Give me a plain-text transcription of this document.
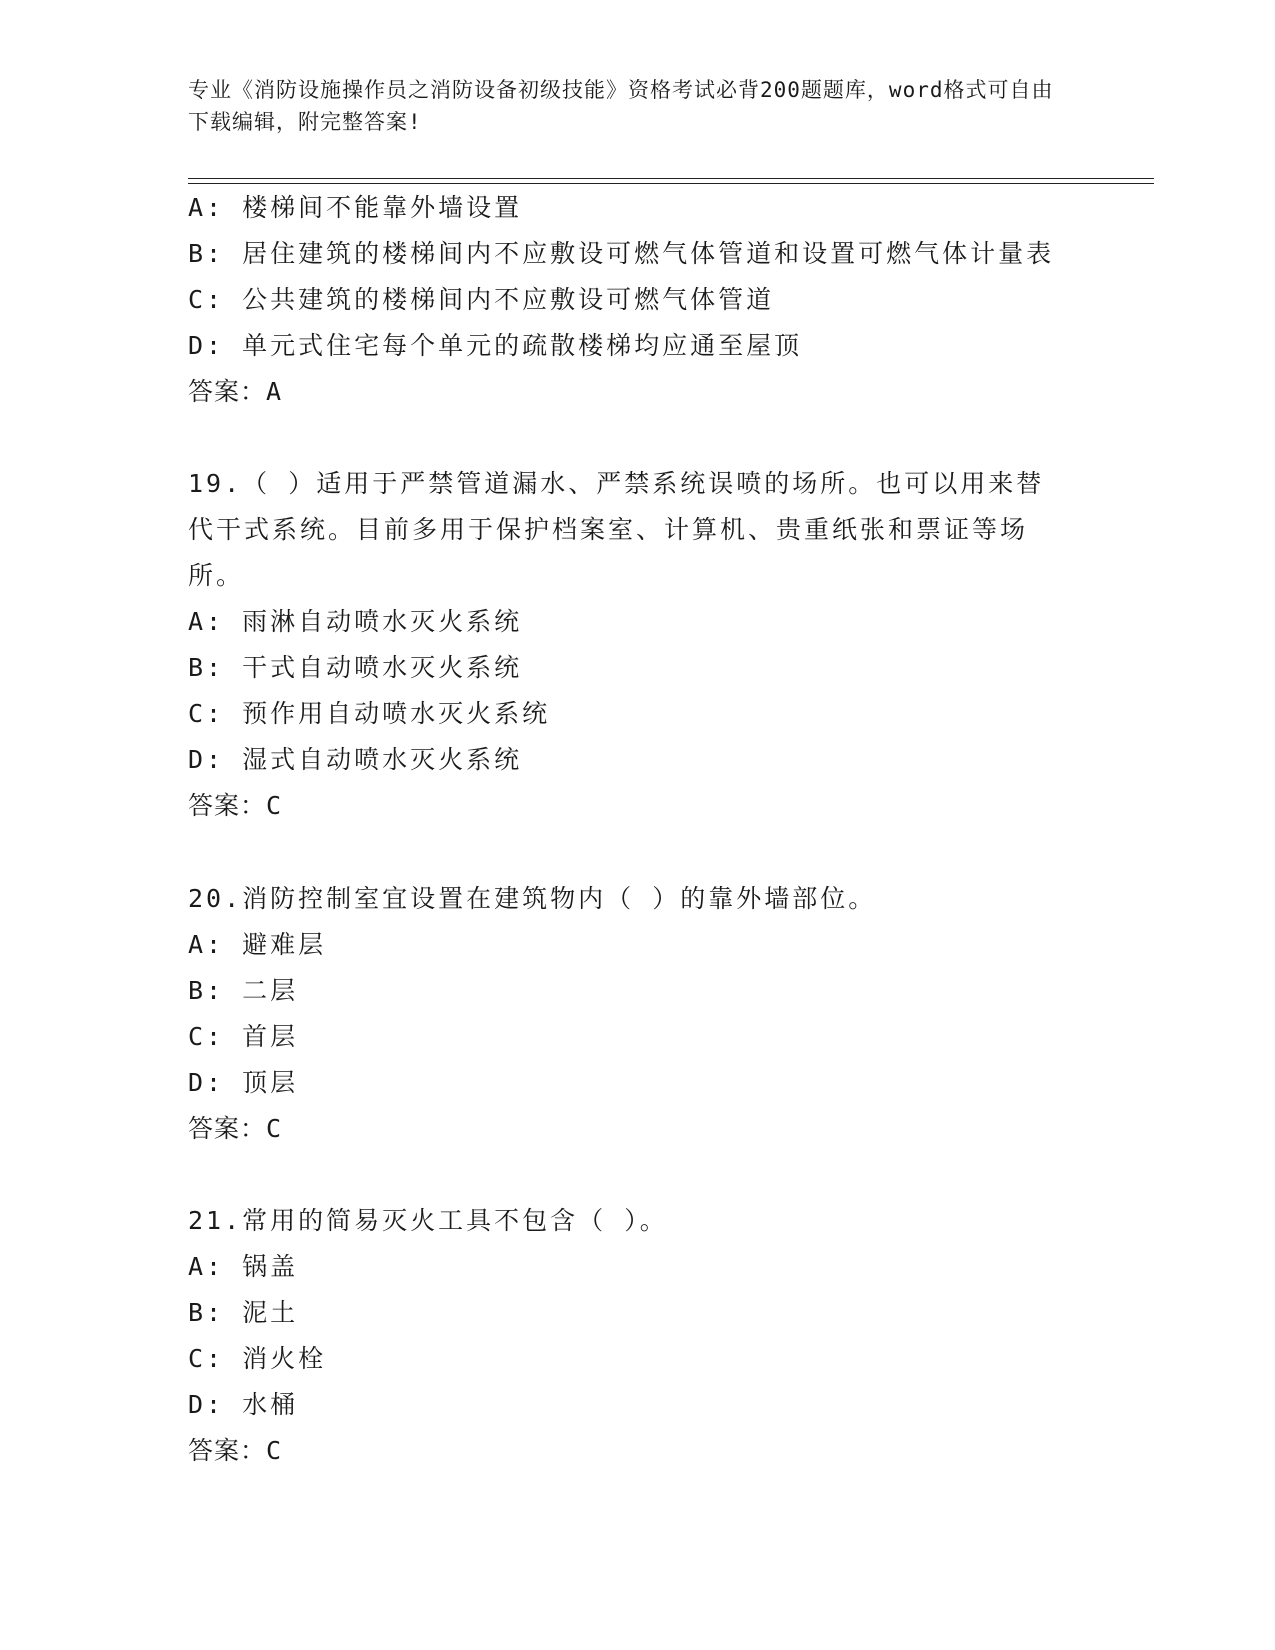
专业《消防设施操作员之消防设备初级技能》资格考试必背200题题库，word格式可自由下载编辑，附完整答案!
A: 楼梯间不能靠外墙设置
B: 居住建筑的楼梯间内不应敷设可燃气体管道和设置可燃气体计量表
C: 公共建筑的楼梯间内不应敷设可燃气体管道
D: 单元式住宅每个单元的疏散楼梯均应通至屋顶
答案：A
19.（ ）适用于严禁管道漏水、严禁系统误喷的场所。也可以用来替代干式系统。目前多用于保护档案室、计算机、贵重纸张和票证等场所。
A: 雨淋自动喷水灭火系统
B: 干式自动喷水灭火系统
C: 预作用自动喷水灭火系统
D: 湿式自动喷水灭火系统
答案：C
20.消防控制室宜设置在建筑物内（ ）的靠外墙部位。
A: 避难层
B: 二层
C: 首层
D: 顶层
答案：C
21.常用的简易灭火工具不包含（ ）。
A: 锅盖
B: 泥土
C: 消火栓
D: 水桶
答案：C
